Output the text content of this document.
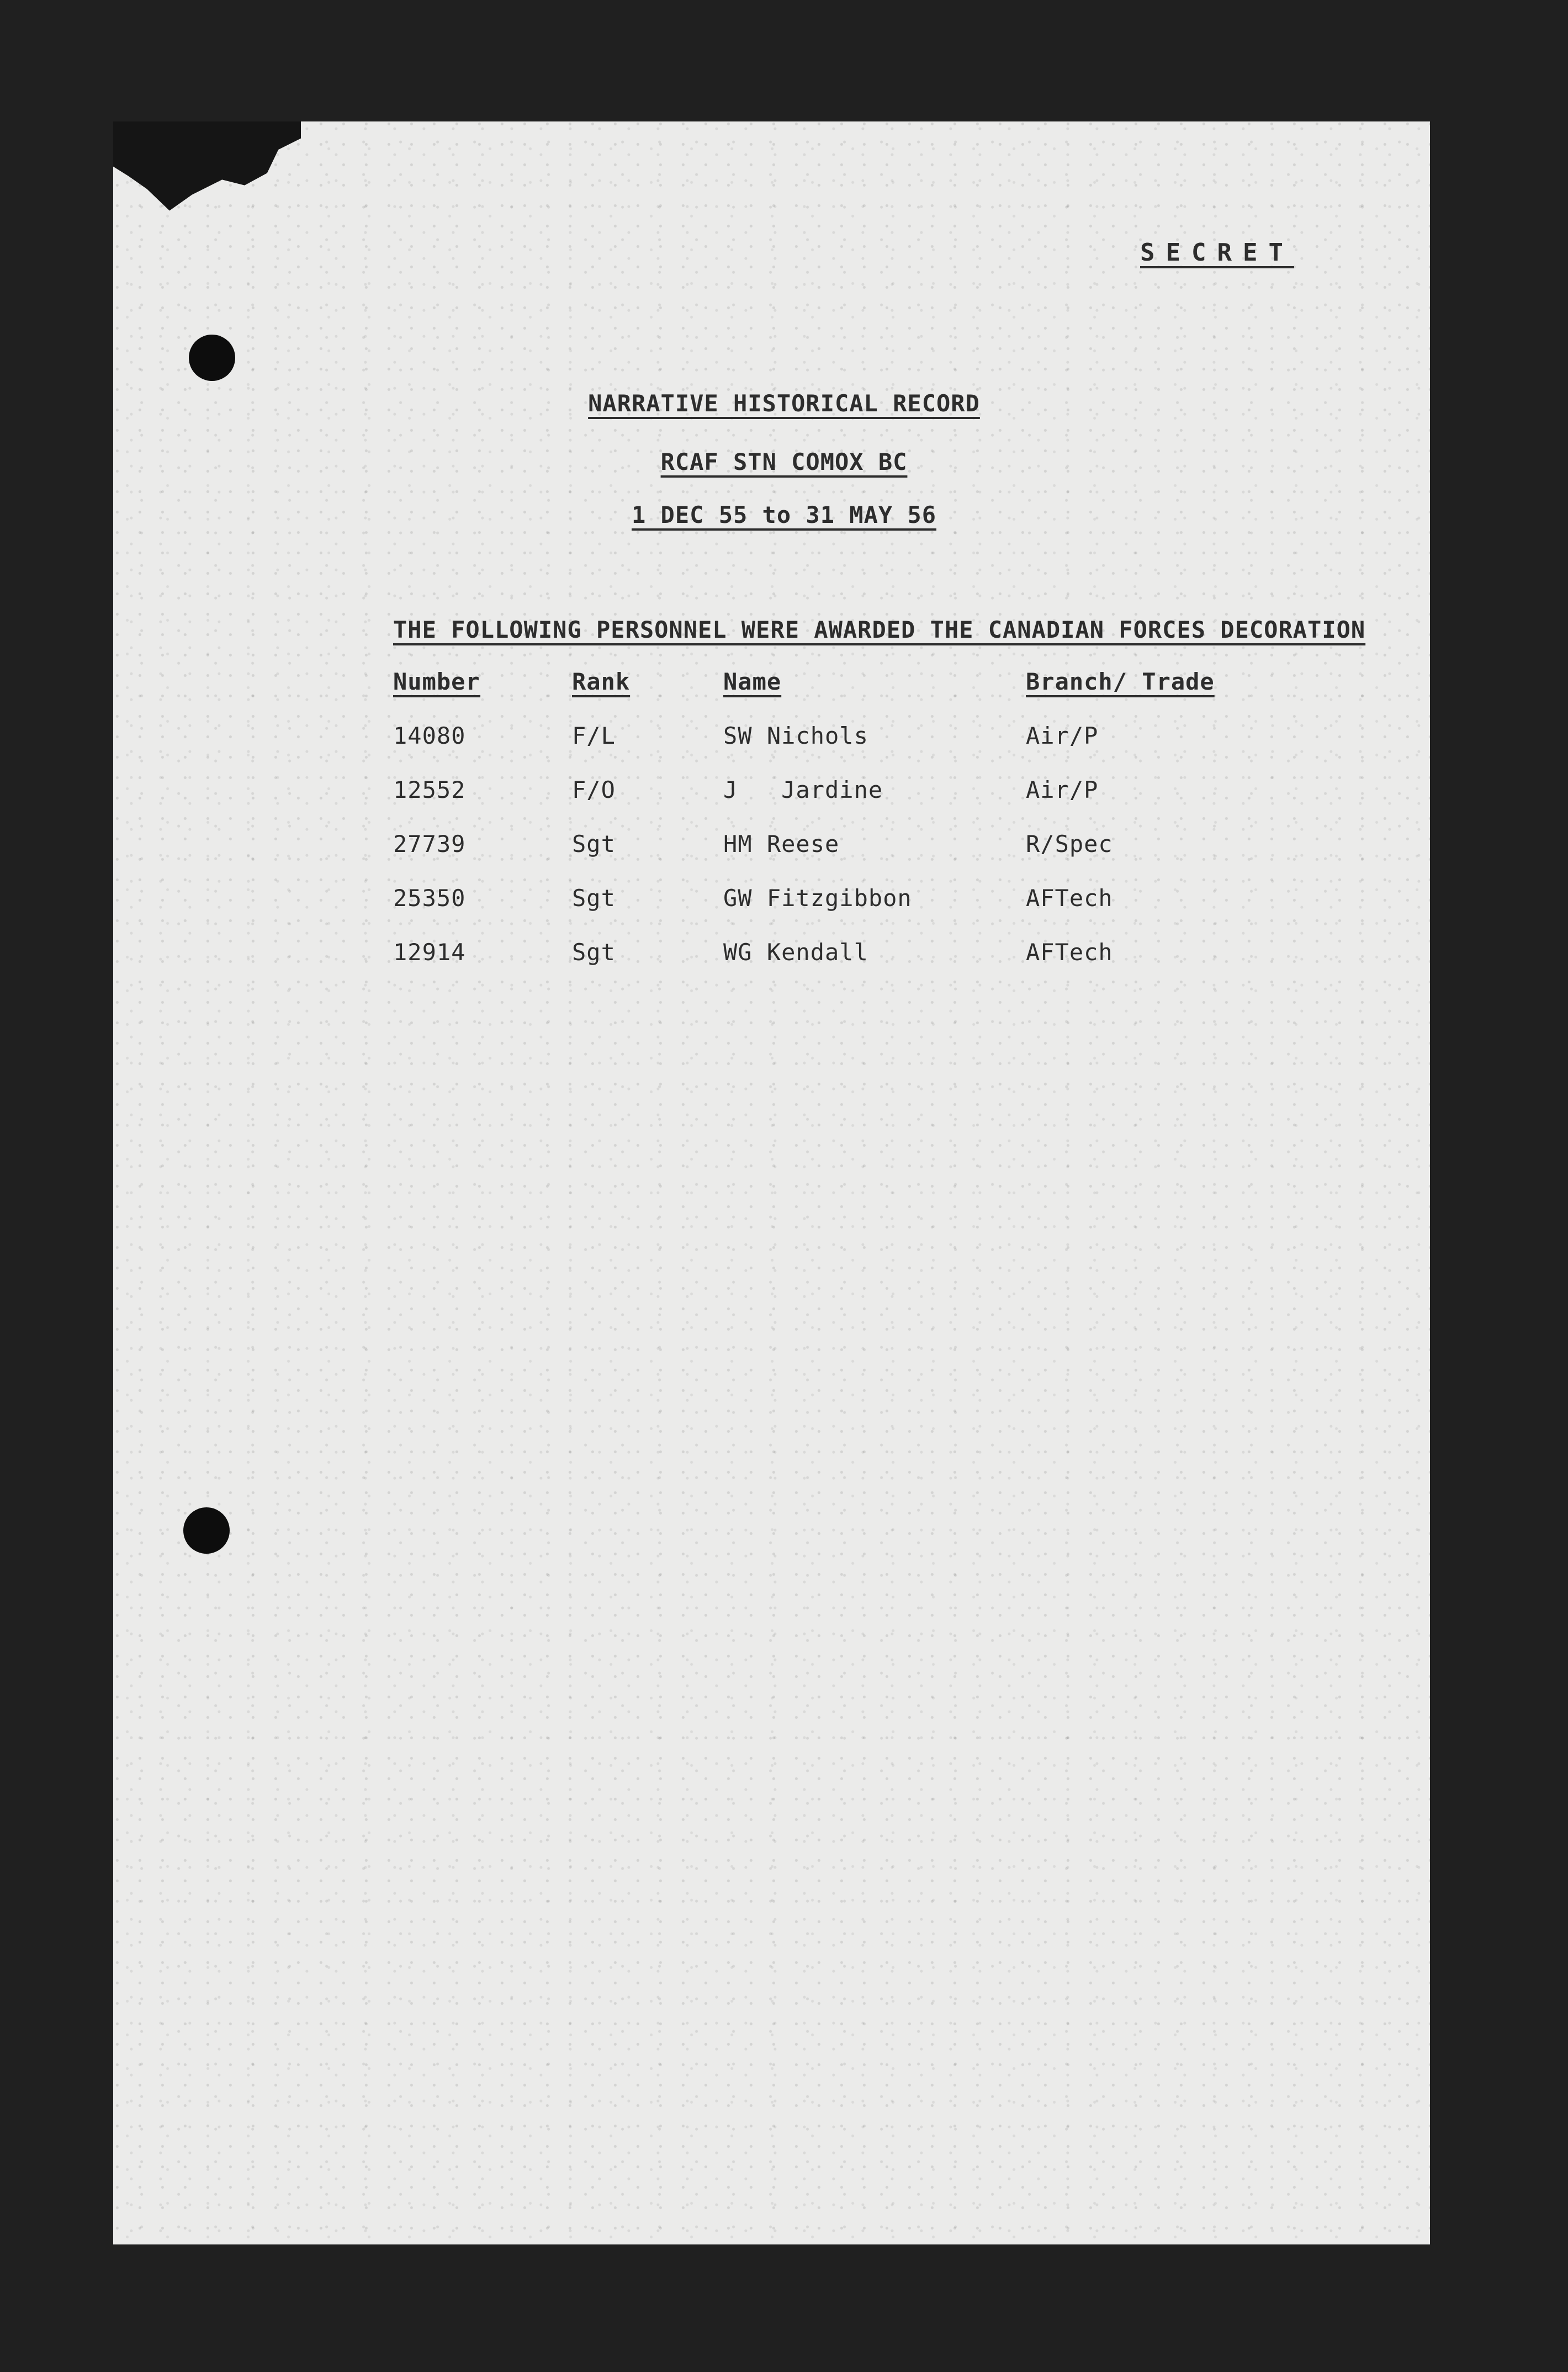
SECRET
NARRATIVE HISTORICAL RECORD
RCAF STN COMOX BC
1 DEC 55 to 31 MAY 56
THE FOLLOWING PERSONNEL WERE AWARDED THE CANADIAN FORCES DECORATION
Number	Rank	Name	Branch/ Trade
14080	F/L	SW Nichols	Air/P
12552	F/O	J   Jardine	Air/P
27739	Sgt	HM Reese	R/Spec
25350	Sgt	GW Fitzgibbon	AFTech
12914	Sgt	WG Kendall	AFTech
